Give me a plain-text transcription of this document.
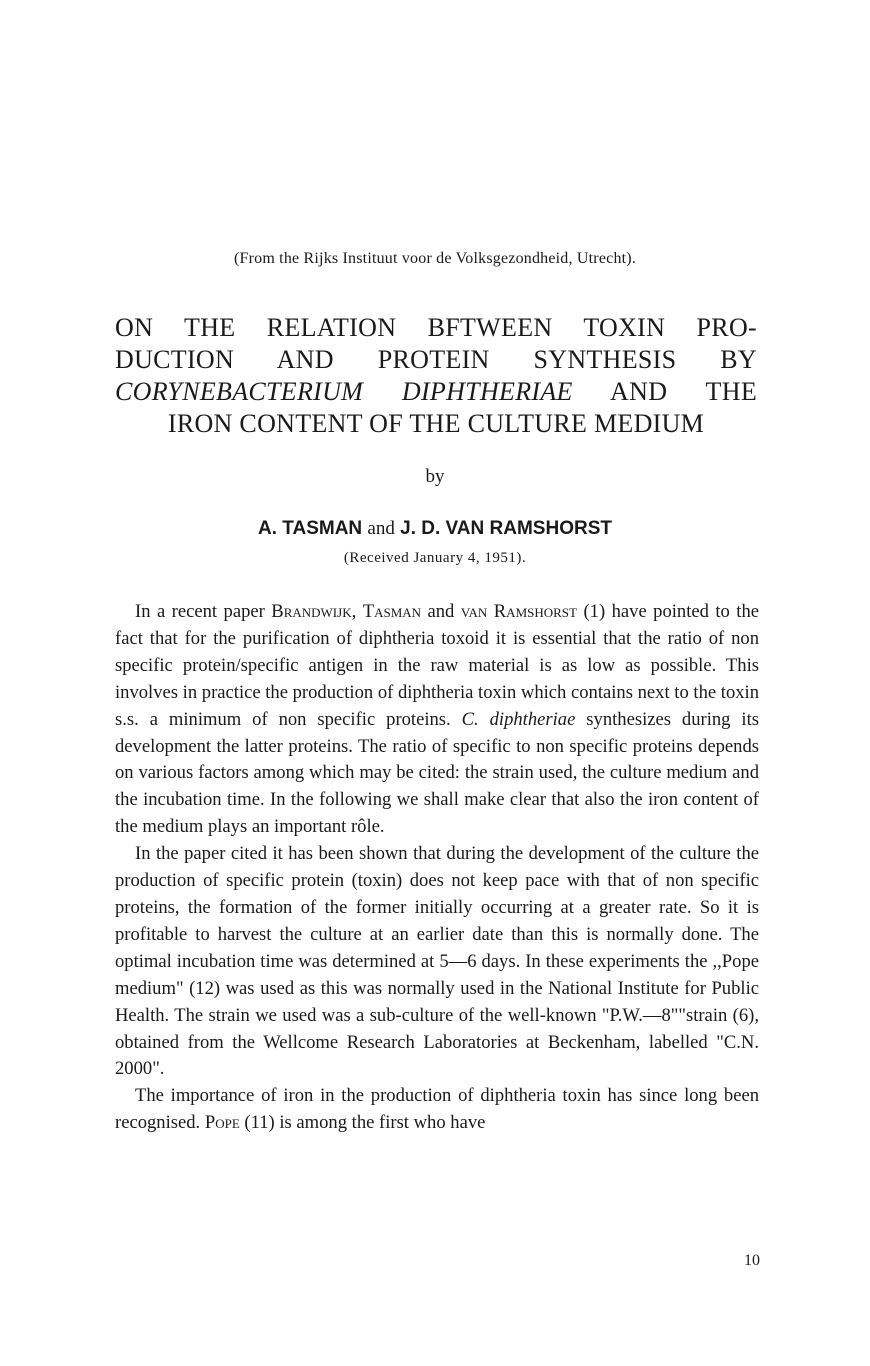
(From the Rijks Instituut voor de Volksgezondheid, Utrecht).
ON THE RELATION BFTWEEN TOXIN PRO-
DUCTION AND PROTEIN SYNTHESIS BY
CORYNEBACTERIUM DIPHTHERIAE AND THE
IRON CONTENT OF THE CULTURE MEDIUM
by
A. TASMAN and J. D. VAN RAMSHORST
(Received January 4, 1951).

In a recent paper Brandwijk, Tasman and van Ramshorst (1) have pointed to the fact that for the purification of diphtheria toxoid it is essential that the ratio of non specific protein/specific antigen in the raw material is as low as possible. This involves in practice the production of diphtheria toxin which contains next to the toxin s.s. a minimum of non specific proteins. C. diphtheriae synthesizes during its development the latter proteins. The ratio of specific to non specific proteins depends on various factors among which may be cited: the strain used, the culture medium and the incubation time. In the following we shall make clear that also the iron content of the medium plays an important rôle.

In the paper cited it has been shown that during the development of the culture the production of specific protein (toxin) does not keep pace with that of non specific proteins, the formation of the former initially occurring at a greater rate. So it is profitable to harvest the culture at an earlier date than this is normally done. The optimal incubation time was determined at 5—6 days. In these experiments the ,,Pope medium" (12) was used as this was normally used in the National Institute for Public Health. The strain we used was a sub-culture of the well-known "P.W.—8""strain (6), obtained from the Wellcome Research Laboratories at Beckenham, labelled "C.N. 2000".

The importance of iron in the production of diphtheria toxin has since long been recognised. Pope (11) is among the first who have

10
